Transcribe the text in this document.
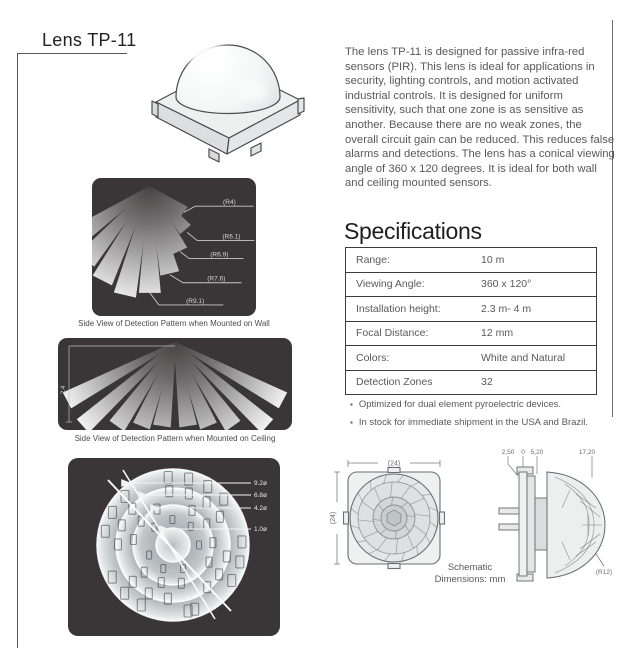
Lens TP-11
The lens TP-11 is designed for passive infra-red sensors (PIR). This lens is ideal for applications in security, lighting controls, and motion activated industrial controls. It is designed for uniform sensitivity, such that one zone is as sensitive as another. Because there are no weak zones, the overall circuit gain can be reduced. This reduces false alarms and detections. The lens has a conical viewing angle of 360 x 120 degrees. It is ideal for both wall and ceiling mounted sensors.
Specifications
Range:	10 m
Viewing Angle:	360 x 120°
Installation height:	2.3 m- 4 m
Focal Distance:	12 mm
Colors:	White and Natural
Detection Zones	32
▪ Optimized for dual element pyroelectric devices.
▪ In stock for immediate shipment in the USA and Brazil.
(R4)
(R6.1)
(R6.9)
(R7.6)
(R9.1)
Side View of Detection Pattern when Mounted on Wall
2.4
Side View of Detection Pattern when Mounted on Ceiling
9.2ø
6.8ø
4.2ø
1.0ø
(24)
(24)
2,50 0 5,20	17,20
(R12)
Schematic
Dimensions: mm
